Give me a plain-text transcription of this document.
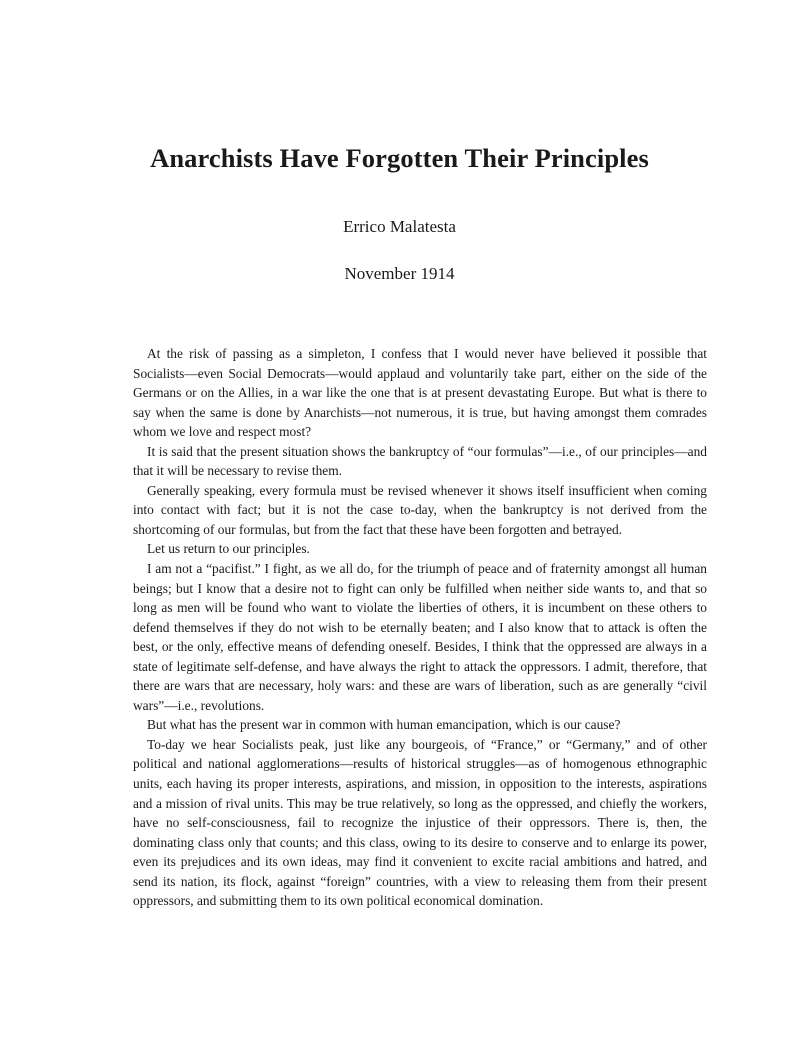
Anarchists Have Forgotten Their Principles
Errico Malatesta
November 1914

At the risk of passing as a simpleton, I confess that I would never have believed it possible that Socialists—even Social Democrats—would applaud and voluntarily take part, either on the side of the Germans or on the Allies, in a war like the one that is at present devastating Europe. But what is there to say when the same is done by Anarchists—not numerous, it is true, but having amongst them comrades whom we love and respect most?

It is said that the present situation shows the bankruptcy of “our formulas”—i.e., of our principles—and that it will be necessary to revise them.

Generally speaking, every formula must be revised whenever it shows itself insufficient when coming into contact with fact; but it is not the case to-day, when the bankruptcy is not derived from the shortcoming of our formulas, but from the fact that these have been forgotten and betrayed.

Let us return to our principles.

I am not a “pacifist.” I fight, as we all do, for the triumph of peace and of fraternity amongst all human beings; but I know that a desire not to fight can only be fulfilled when neither side wants to, and that so long as men will be found who want to violate the liberties of others, it is incumbent on these others to defend themselves if they do not wish to be eternally beaten; and I also know that to attack is often the best, or the only, effective means of defending oneself. Besides, I think that the oppressed are always in a state of legitimate self-defense, and have always the right to attack the oppressors. I admit, therefore, that there are wars that are necessary, holy wars: and these are wars of liberation, such as are generally “civil wars”—i.e., revolutions.

But what has the present war in common with human emancipation, which is our cause?

To-day we hear Socialists peak, just like any bourgeois, of “France,” or “Germany,” and of other political and national agglomerations—results of historical struggles—as of homogenous ethnographic units, each having its proper interests, aspirations, and mission, in opposition to the interests, aspirations and a mission of rival units. This may be true relatively, so long as the oppressed, and chiefly the workers, have no self-consciousness, fail to recognize the injustice of their oppressors. There is, then, the dominating class only that counts; and this class, owing to its desire to conserve and to enlarge its power, even its prejudices and its own ideas, may find it convenient to excite racial ambitions and hatred, and send its nation, its flock, against “foreign” countries, with a view to releasing them from their present oppressors, and submitting them to its own political economical domination.
